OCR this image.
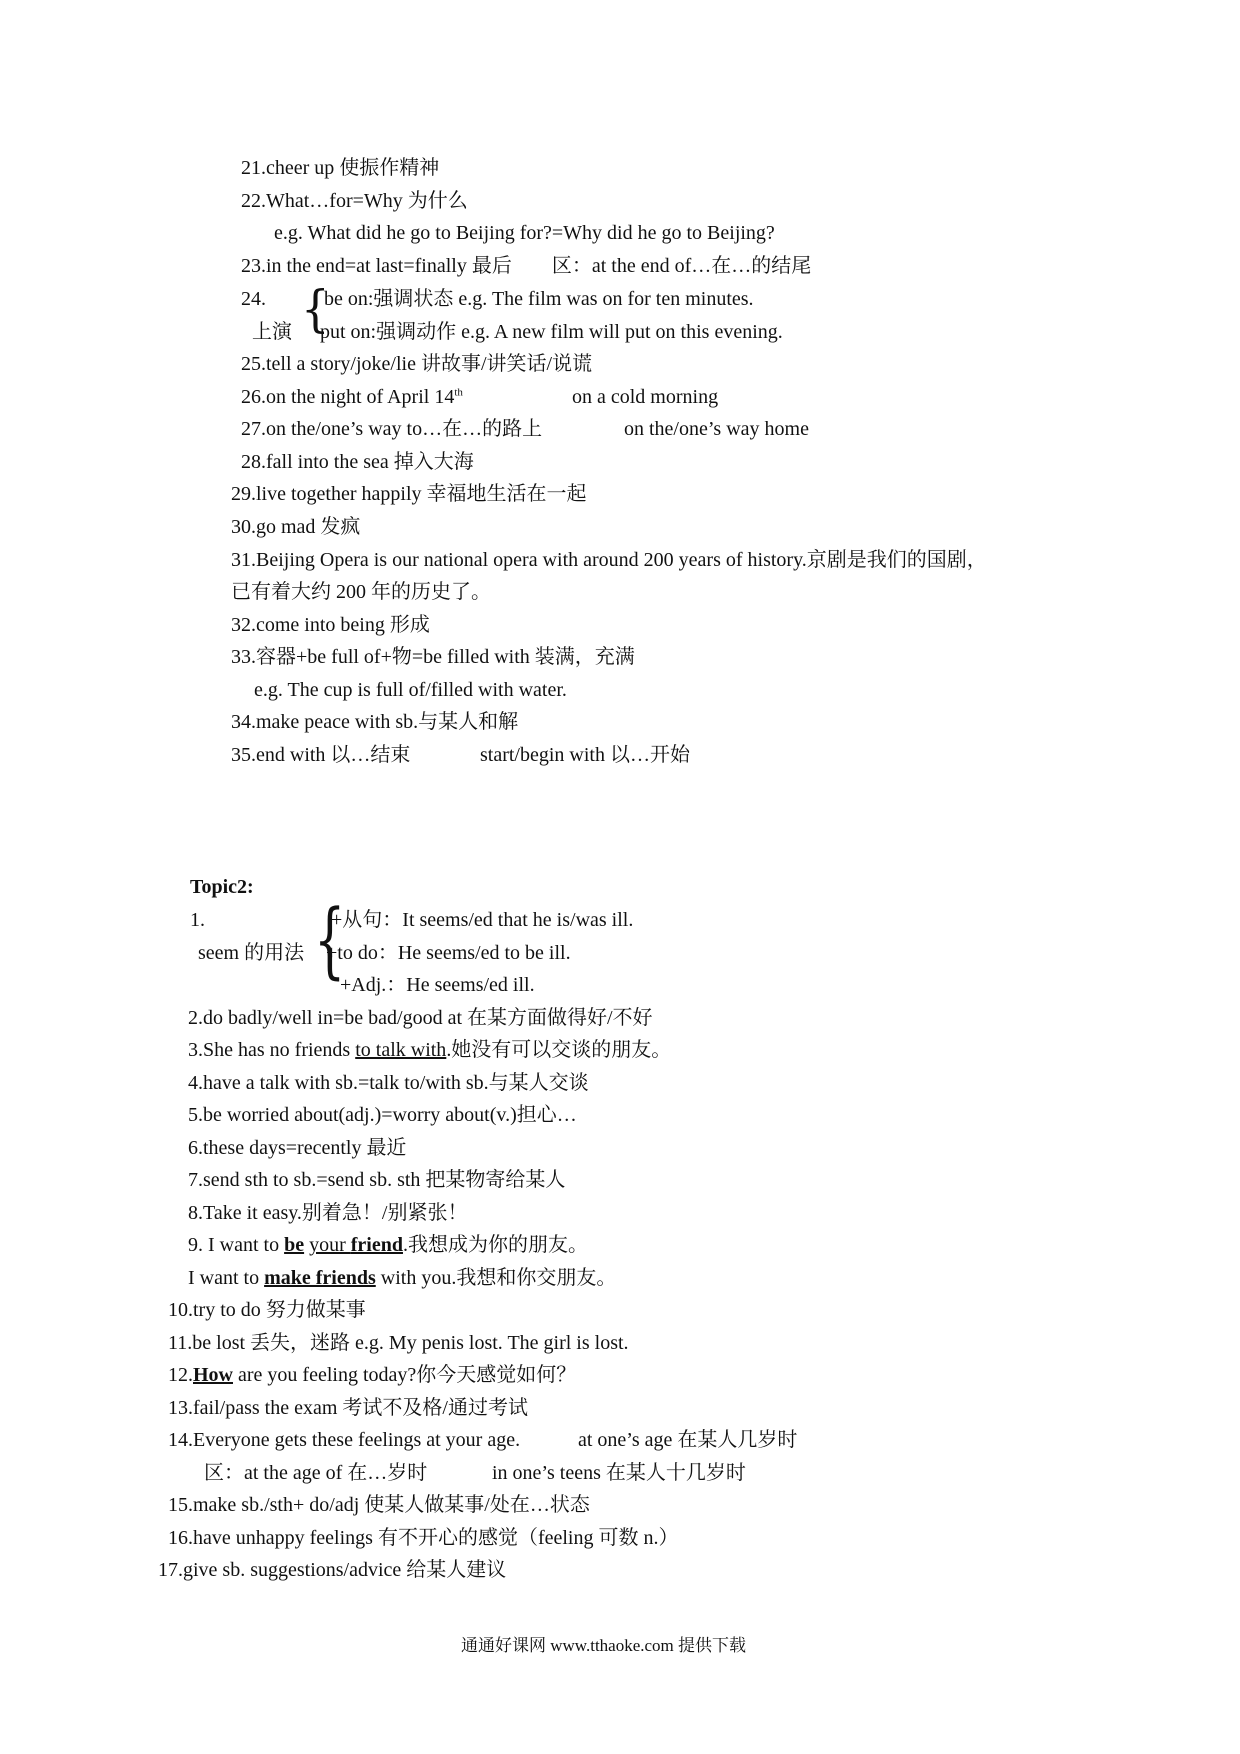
21.cheer up 使振作精神
22.What…for=Why 为什么
e.g. What did he go to Beijing for?=Why did he go to Beijing?
23.in the end=at last=finally 最后　　区：at the end of…在…的结尾
24.
上演 {
be on:强调状态 e.g. The film was on for ten minutes.
put on:强调动作 e.g. A new film will put on this evening.
25.tell a story/joke/lie 讲故事/讲笑话/说谎
26.on the night of April 14th	on a cold morning
27.on the/one’s way to…在…的路上	on the/one’s way home
28.fall into the sea 掉入大海
29.live together happily 幸福地生活在一起
30.go mad 发疯
31.Beijing Opera is our national opera with around 200 years of history.京剧是我们的国剧，
已有着大约 200 年的历史了。
32.come into being 形成
33.容器+be full of+物=be filled with 装满，充满
e.g. The cup is full of/filled with water.
34.make peace with sb.与某人和解
35.end with 以…结束	start/begin with 以…开始
Topic2:
1.
seem 的用法 {
+从句：It seems/ed that he is/was ill.
+to do：He seems/ed to be ill.
+Adj.：He seems/ed ill.
2.do badly/well in=be bad/good at 在某方面做得好/不好
3.She has no friends to talk with.她没有可以交谈的朋友。
4.have a talk with sb.=talk to/with sb.与某人交谈
5.be worried about(adj.)=worry about(v.)担心…
6.these days=recently 最近
7.send sth to sb.=send sb. sth 把某物寄给某人
8.Take it easy.别着急！/别紧张！
9. I want to be your friend.我想成为你的朋友。
I want to make friends with you.我想和你交朋友。
10.try to do 努力做某事
11.be lost 丢失，迷路 e.g. My penis lost. The girl is lost.
12.How are you feeling today?你今天感觉如何？
13.fail/pass the exam 考试不及格/通过考试
14.Everyone gets these feelings at your age.	at one’s age 在某人几岁时
区：at the age of 在…岁时	in one’s teens 在某人十几岁时
15.make sb./sth+ do/adj 使某人做某事/处在…状态
16.have unhappy feelings 有不开心的感觉（feeling 可数 n.）
17.give sb. suggestions/advice 给某人建议
通通好课网 www.tthaoke.com 提供下载
